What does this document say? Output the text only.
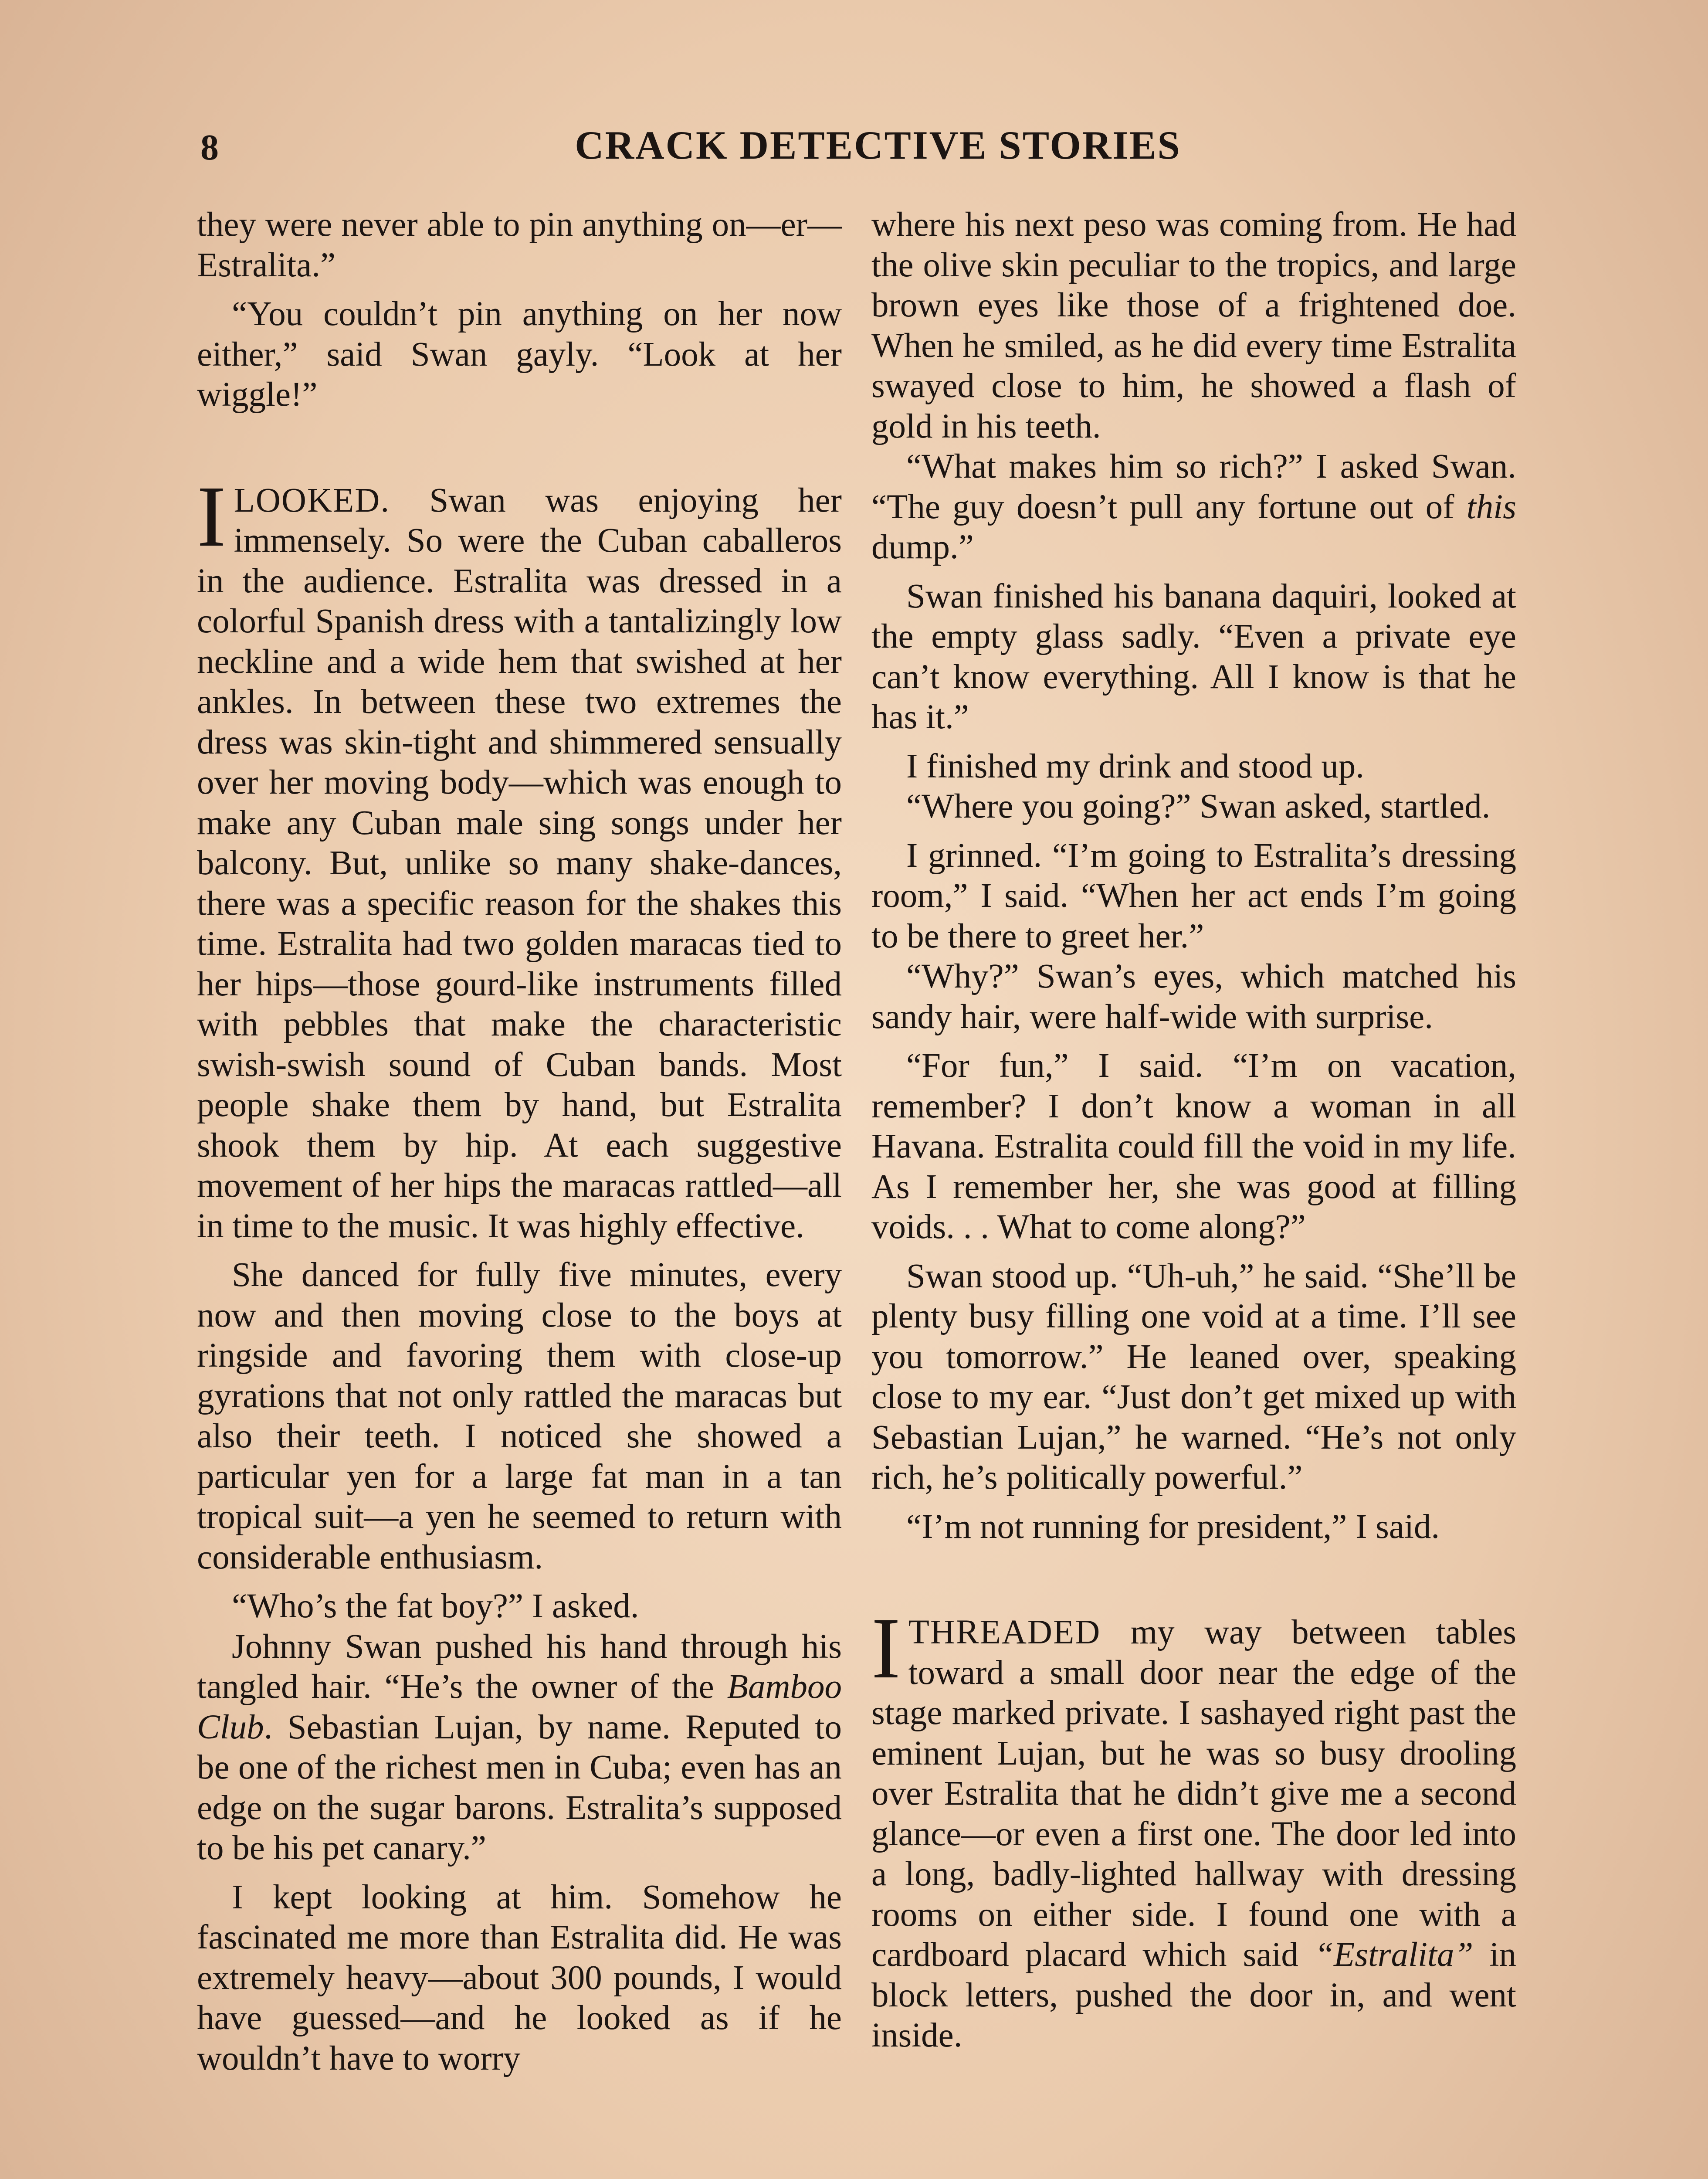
8	CRACK DETECTIVE STORIES

they were never able to pin anything on—er—Estralita.”

“You couldn’t pin anything on her now either,” said Swan gayly. “Look at her wiggle!”

ILOOKED. Swan was enjoying her immensely. So were the Cuban caballeros in the audience. Estralita was dressed in a colorful Spanish dress with a tantalizingly low neckline and a wide hem that swished at her ankles. In between these two extremes the dress was skin-tight and shimmered sensually over her moving body—which was enough to make any Cuban male sing songs under her balcony. But, unlike so many shake-dances, there was a specific reason for the shakes this time. Estralita had two golden maracas tied to her hips—those gourd-like instruments filled with pebbles that make the characteristic swish-swish sound of Cuban bands. Most people shake them by hand, but Estralita shook them by hip. At each suggestive movement of her hips the maracas rattled—all in time to the music. It was highly effective.

She danced for fully five minutes, every now and then moving close to the boys at ringside and favoring them with close-up gyrations that not only rattled the maracas but also their teeth. I noticed she showed a particular yen for a large fat man in a tan tropical suit—a yen he seemed to return with considerable enthusiasm.

“Who’s the fat boy?” I asked.

Johnny Swan pushed his hand through his tangled hair. “He’s the owner of the Bamboo Club. Sebastian Lujan, by name. Reputed to be one of the richest men in Cuba; even has an edge on the sugar barons. Estralita’s supposed to be his pet canary.”

I kept looking at him. Somehow he fascinated me more than Estralita did. He was extremely heavy—about 300 pounds, I would have guessed—and he looked as if he wouldn’t have to worry

where his next peso was coming from. He had the olive skin peculiar to the tropics, and large brown eyes like those of a frightened doe. When he smiled, as he did every time Estralita swayed close to him, he showed a flash of gold in his teeth.

“What makes him so rich?” I asked Swan. “The guy doesn’t pull any fortune out of this dump.”

Swan finished his banana daquiri, looked at the empty glass sadly. “Even a private eye can’t know everything. All I know is that he has it.”

I finished my drink and stood up.

“Where you going?” Swan asked, startled.

I grinned. “I’m going to Estralita’s dressing room,” I said. “When her act ends I’m going to be there to greet her.”

“Why?” Swan’s eyes, which matched his sandy hair, were half-wide with surprise.

“For fun,” I said. “I’m on vacation, remember? I don’t know a woman in all Havana. Estralita could fill the void in my life. As I remember her, she was good at filling voids. . . What to come along?”

Swan stood up. “Uh-uh,” he said. “She’ll be plenty busy filling one void at a time. I’ll see you tomorrow.” He leaned over, speaking close to my ear. “Just don’t get mixed up with Sebastian Lujan,” he warned. “He’s not only rich, he’s politically powerful.”

“I’m not running for president,” I said.

ITHREADED my way between tables toward a small door near the edge of the stage marked private. I sashayed right past the eminent Lujan, but he was so busy drooling over Estralita that he didn’t give me a second glance—or even a first one. The door led into a long, badly-lighted hallway with dressing rooms on either side. I found one with a cardboard placard which said “Estralita” in block letters, pushed the door in, and went inside.
